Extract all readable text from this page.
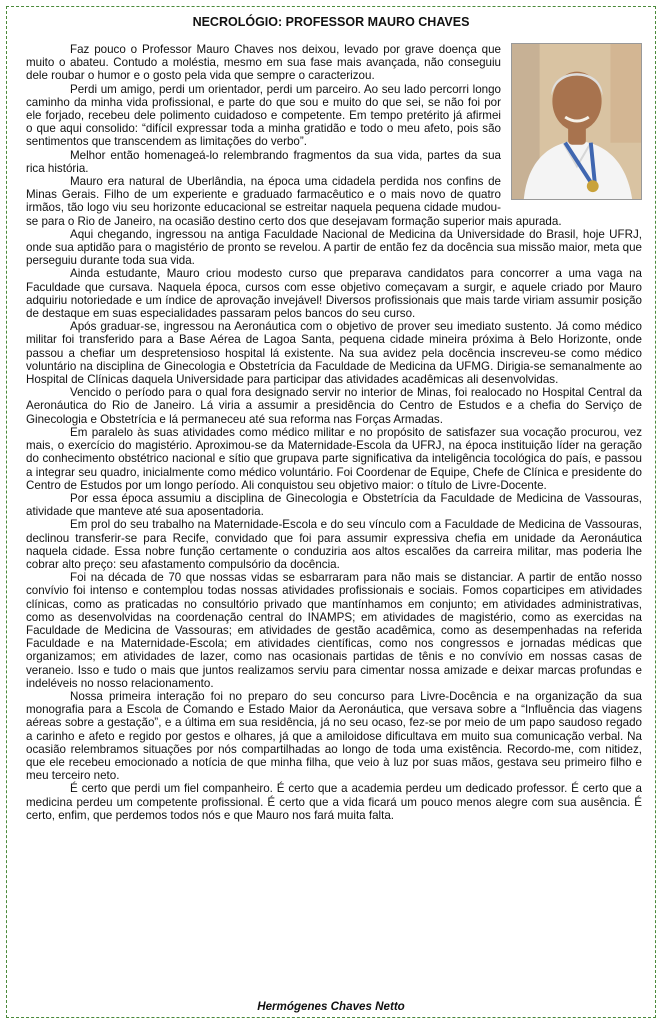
NECROLÓGIO: PROFESSOR MAURO CHAVES

Faz pouco o Professor Mauro Chaves nos deixou, levado por grave doença que muito o abateu. Contudo a moléstia, mesmo em sua fase mais avançada, não conseguiu dele roubar o humor e o gosto pela vida que sempre o caracterizou.

Perdi um amigo, perdi um orientador, perdi um parceiro. Ao seu lado percorri longo caminho da minha vida profissional, e parte do que sou e muito do que sei, se não foi por ele forjado, recebeu dele polimento cuidadoso e competente. Em tempo pretérito já afirmei o que aqui consolido: “difícil expressar toda a minha gratidão e todo o meu afeto, pois são sentimentos que transcendem as limitações do verbo”.

Melhor então homenageá-lo relembrando fragmentos da sua vida, partes da sua rica história.

Mauro era natural de Uberlândia, na época uma cidadela perdida nos confins de Minas Gerais. Filho de um experiente e graduado farmacêutico e o mais novo de quatro irmãos, tão logo viu seu horizonte educacional se estreitar naquela pequena cidade mudou-se para o Rio de Janeiro, na ocasião destino certo dos que desejavam formação superior mais apurada.

Aqui chegando, ingressou na antiga Faculdade Nacional de Medicina da Universidade do Brasil, hoje UFRJ, onde sua aptidão para o magistério de pronto se revelou. A partir de então fez da docência sua missão maior, meta que perseguiu durante toda sua vida.

Ainda estudante, Mauro criou modesto curso que preparava candidatos para concorrer a uma vaga na Faculdade que cursava. Naquela época, cursos com esse objetivo começavam a surgir, e aquele criado por Mauro adquiriu notoriedade e um índice de aprovação invejável! Diversos profissionais que mais tarde viriam assumir posição de destaque em suas especialidades passaram pelos bancos do seu curso.

Após graduar-se, ingressou na Aeronáutica com o objetivo de prover seu imediato sustento. Já como médico militar foi transferido para a Base Aérea de Lagoa Santa, pequena cidade mineira próxima à Belo Horizonte, onde passou a chefiar um despretensioso hospital lá existente. Na sua avidez pela docência inscreveu-se como médico voluntário na disciplina de Ginecologia e Obstetrícia da Faculdade de Medicina da UFMG. Dirigia-se semanalmente ao Hospital de Clínicas daquela Universidade para participar das atividades acadêmicas ali desenvolvidas.

Vencido o período para o qual fora designado servir no interior de Minas, foi realocado no Hospital Central da Aeronáutica do Rio de Janeiro. Lá viria a assumir a presidência do Centro de Estudos e a chefia do Serviço de Ginecologia e Obstetrícia e lá permaneceu até sua reforma nas Forças Armadas.

Em paralelo às suas atividades como médico militar e no propósito de satisfazer sua vocação procurou, vez mais, o exercício do magistério. Aproximou-se da Maternidade-Escola da UFRJ, na época instituição líder na geração do conhecimento obstétrico nacional e sítio que grupava parte significativa da inteligência tocológica do país, e passou a integrar seu quadro, inicialmente como médico voluntário. Foi Coordenar de Equipe, Chefe de Clínica e presidente do Centro de Estudos por um longo período. Ali conquistou seu objetivo maior: o título de Livre-Docente.

Por essa época assumiu a disciplina de Ginecologia e Obstetrícia da Faculdade de Medicina de Vassouras, atividade que manteve até sua aposentadoria.

Em prol do seu trabalho na Maternidade-Escola e do seu vínculo com a Faculdade de Medicina de Vassouras, declinou transferir-se para Recife, convidado que foi para assumir expressiva chefia em unidade da Aeronáutica naquela cidade. Essa nobre função certamente o conduziria aos altos escalões da carreira militar, mas poderia lhe cobrar alto preço: seu afastamento compulsório da docência.

Foi na década de 70 que nossas vidas se esbarraram para não mais se distanciar. A partir de então nosso convívio foi intenso e contemplou todas nossas atividades profissionais e sociais. Fomos coparticipes em atividades clínicas, como as praticadas no consultório privado que mantínhamos em conjunto; em atividades administrativas, como as desenvolvidas na coordenação central do INAMPS; em atividades de magistério, como as exercidas na Faculdade de Medicina de Vassouras; em atividades de gestão acadêmica, como as desempenhadas na referida Faculdade e na Maternidade-Escola; em atividades científicas, como nos congressos e jornadas médicas que organizamos; em atividades de lazer, como nas ocasionais partidas de tênis e no convívio em nossas casas de veraneio. Isso e tudo o mais que juntos realizamos serviu para cimentar nossa amizade e deixar marcas profundas e indeléveis no nosso relacionamento.

Nossa primeira interação foi no preparo do seu concurso para Livre-Docência e na organização da sua monografia para a Escola de Comando e Estado Maior da Aeronáutica, que versava sobre a “Influência das viagens aéreas sobre a gestação”, e a última em sua residência, já no seu ocaso, fez-se por meio de um papo saudoso regado a carinho e afeto e regido por gestos e olhares, já que a amiloidose dificultava em muito sua comunicação verbal. Na ocasião relembramos situações por nós compartilhadas ao longo de toda uma existência. Recordo-me, com nitidez, que ele recebeu emocionado a notícia de que minha filha, que veio à luz por suas mãos, gestava seu primeiro filho e meu terceiro neto.

É certo que perdi um fiel companheiro. É certo que a academia perdeu um dedicado professor. É certo que a medicina perdeu um competente profissional. É certo que a vida ficará um pouco menos alegre com sua ausência. É certo, enfim, que perdemos todos nós e que Mauro nos fará muita falta.

Hermógenes Chaves Netto
